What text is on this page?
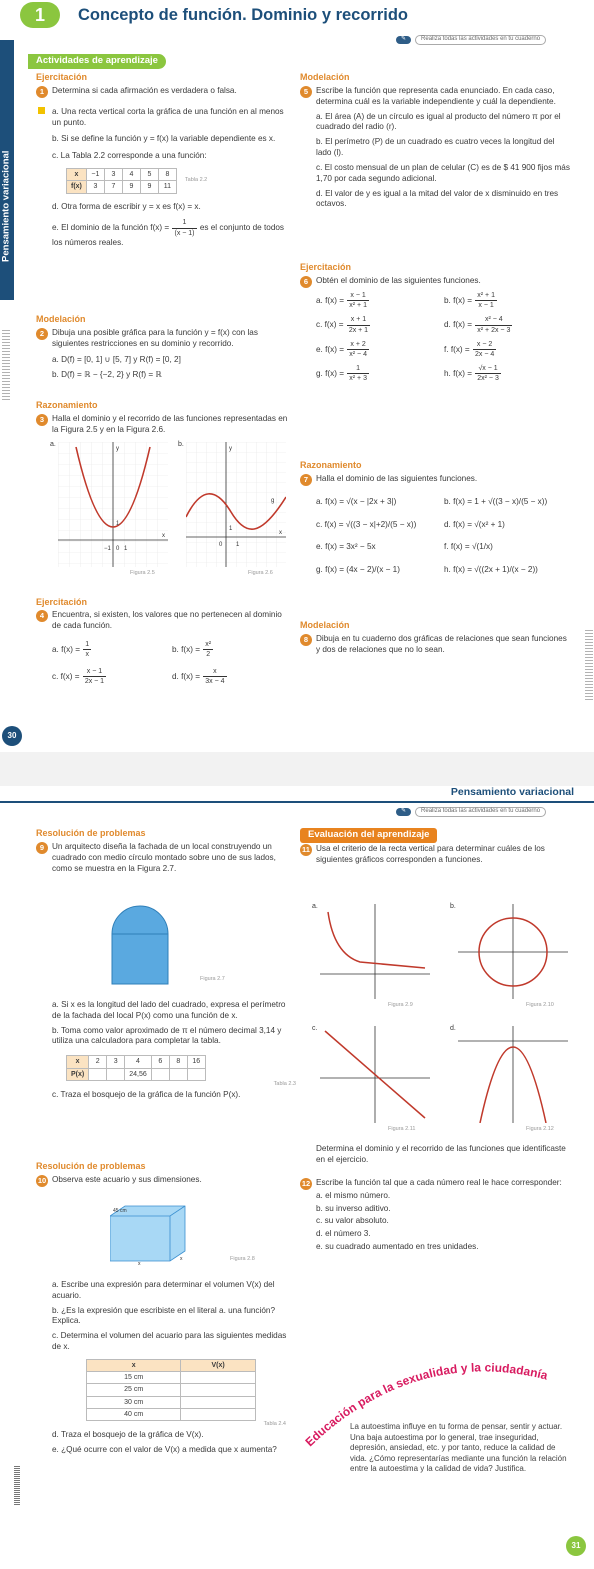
1	Concepto de función. Dominio y recorrido
✎	Realiza todas las actividades en tu cuaderno
Actividades de aprendizaje
Pensamiento variacional
Ejercitación
1 Determina si cada afirmación es verdadera o falsa.
a. Una recta vertical corta la gráfica de una función en al menos un punto.
b. Si se define la función y = f(x) la variable dependiente es x.
c. La Tabla 2.2 corresponde a una función:
x	−1	3	4	5	8
f(x)	3	7	9	9	11
Tabla 2.2
d. Otra forma de escribir y = x es f(x) = x.
e. El dominio de la función $f(x) = \frac{1}{(x - 1)}$ es el conjunto de todos los números reales.
Modelación
2 Dibuja una posible gráfica para la función y = f(x) con las siguientes restricciones en su dominio y recorrido.
a. D(f) = [0, 1] ∪ [5, 7] y R(f) = [0, 2]
b. D(f) = ℝ − {−2, 2} y R(f) = ℝ
Razonamiento
3 Halla el dominio y el recorrido de las funciones representadas en la Figura 2.5 y en la Figura 2.6.
a.
−1
1
0 1
x
y
Figura 2.5
b.
y
g
1
0 1
x
Figura 2.6
Ejercitación
4 Encuentra, si existen, los valores que no pertenecen al dominio de cada función.
a. $f(x) = \frac{1}{x}$	b. $f(x) = \frac{\text{x²}}{2}$
c. $f(x) = \frac{x - 1}{2x - 1}$	d. $f(x) = \frac{x}{3x - 4}$
30
Modelación
5 Escribe la función que representa cada enunciado. En cada caso, determina cuál es la variable independiente y cuál la dependiente.
a. El área (A) de un círculo es igual al producto del número π por el cuadrado del radio (r).
b. El perímetro (P) de un cuadrado es cuatro veces la longitud del lado (l).
c. El costo mensual de un plan de celular (C) es de $ 41 900 fijos más 1,70 por cada segundo adicional.
d. El valor de y es igual a la mitad del valor de x disminuido en tres octavos.
Ejercitación
6 Obtén el dominio de las siguientes funciones.
a. $f(x) = \frac{x - 1}{\text{x² + 1}}$	b. $f(x) = \frac{\text{x² + 1}}{x - 1}$
c. $f(x) = \frac{x + 1}{2x + 1}$	d. $f(x) = \frac{\text{x² − 4}}{\text{x² + 2x − 3}}$
e. $f(x) = \frac{x + 2}{\text{x² − 4}}$	f. $f(x) = \frac{x - 2}{2x - 4}$
g. $f(x) = \frac{1}{\text{x² + 3}}$	h. $f(x) = \frac{√x - 1}{\text{2x² − 3}}$
Razonamiento
7 Halla el dominio de las siguientes funciones.
a. f(x) = √(x − |2x + 3|)	b. f(x) = 1 + √((3 − x)/(5 − x))
c. f(x) = √((3 − x|+2)/(5 − x))	d. f(x) = √(x² + 1)
e. f(x) = 3x² − 5x	f. f(x) = √(1/x)
g. f(x) = (4x − 2)/(x − 1)	h. f(x) = √((2x + 1)/(x − 2))
Modelación
8 Dibuja en tu cuaderno dos gráficas de relaciones que sean funciones y dos de relaciones que no lo sean.
Pensamiento variacional
✎	Realiza todas las actividades en tu cuaderno
Resolución de problemas
9 Un arquitecto diseña la fachada de un local construyendo un cuadrado con medio círculo montado sobre uno de sus lados, como se muestra en la Figura 2.7.
Figura 2.7
a. Si x es la longitud del lado del cuadrado, expresa el perímetro de la fachada del local P(x) como una función de x.
b. Toma como valor aproximado de π el número decimal 3,14 y utiliza una calculadora para completar la tabla.
x	2	3	4	6	8	16
P(x)			24,56			
Tabla 2.3
c. Traza el bosquejo de la gráfica de la función P(x).
Resolución de problemas
10 Observa este acuario y sus dimensiones.
45 cm
x
x	Figura 2.8
a. Escribe una expresión para determinar el volumen V(x) del acuario.
b. ¿Es la expresión que escribiste en el literal a. una función? Explica.
c. Determina el volumen del acuario para las siguientes medidas de x.
x	V(x)
15 cm	
25 cm	
30 cm	
40 cm	
Tabla 2.4
d. Traza el bosquejo de la gráfica de V(x).
e. ¿Qué ocurre con el valor de V(x) a medida que x aumenta?
Evaluación del aprendizaje
11 Usa el criterio de la recta vertical para determinar cuáles de los siguientes gráficos corresponden a funciones.
a.
Figura 2.9
b.
Figura 2.10
c.
Figura 2.11
d.
Figura 2.12
Determina el dominio y el recorrido de las funciones que identificaste en el ejercicio.
12 Escribe la función tal que a cada número real le hace corresponder:
a. el mismo número.
b. su inverso aditivo.
c. su valor absoluto.
d. el número 3.
e. su cuadrado aumentado en tres unidades.
Educación para la sexualidad y la ciudadanía
La autoestima influye en tu forma de pensar, sentir y actuar. Una baja autoestima por lo general, trae inseguridad, depresión, ansiedad, etc. y por tanto, reduce la calidad de vida. ¿Cómo representarías mediante una función la relación entre la autoestima y la calidad de vida? Justifica.
31
